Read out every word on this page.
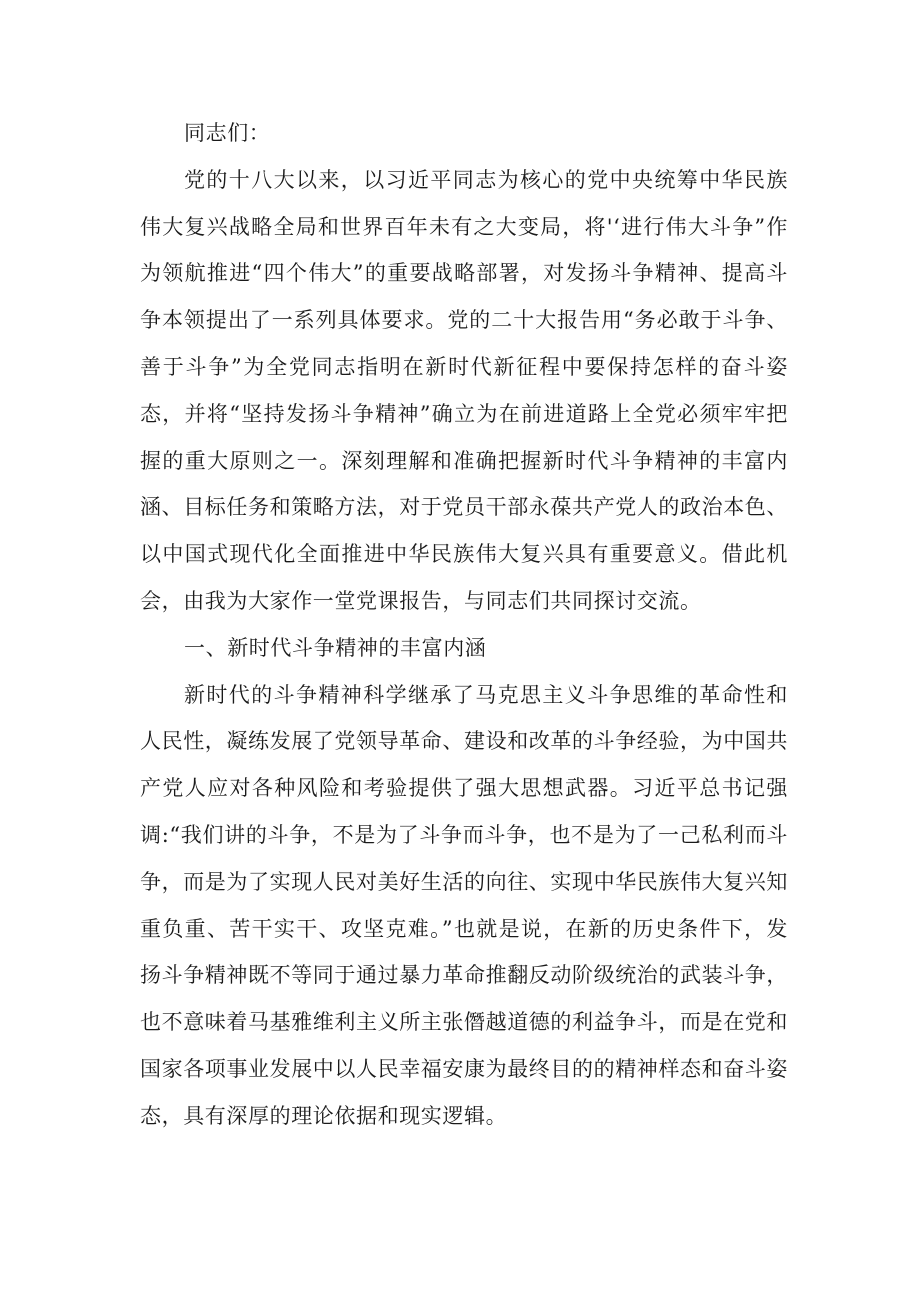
同志们：

党的十八大以来，以习近平同志为核心的党中央统筹中华民族伟大复兴战略全局和世界百年未有之大变局，将'‘进行伟大斗争”作为领航推进“四个伟大”的重要战略部署，对发扬斗争精神、提高斗争本领提出了一系列具体要求。党的二十大报告用“务必敢于斗争、善于斗争”为全党同志指明在新时代新征程中要保持怎样的奋斗姿态，并将“坚持发扬斗争精神”确立为在前进道路上全党必须牢牢把握的重大原则之一。深刻理解和准确把握新时代斗争精神的丰富内涵、目标任务和策略方法，对于党员干部永葆共产党人的政治本色、以中国式现代化全面推进中华民族伟大复兴具有重要意义。借此机会，由我为大家作一堂党课报告，与同志们共同探讨交流。

一、新时代斗争精神的丰富内涵

新时代的斗争精神科学继承了马克思主义斗争思维的革命性和人民性，凝练发展了党领导革命、建设和改革的斗争经验，为中国共产党人应对各种风险和考验提供了强大思想武器。习近平总书记强调:“我们讲的斗争，不是为了斗争而斗争，也不是为了一己私利而斗争，而是为了实现人民对美好生活的向往、实现中华民族伟大复兴知重负重、苦干实干、攻坚克难。”也就是说，在新的历史条件下，发扬斗争精神既不等同于通过暴力革命推翻反动阶级统治的武装斗争，也不意味着马基雅维利主义所主张僭越道德的利益争斗，而是在党和国家各项事业发展中以人民幸福安康为最终目的的精神样态和奋斗姿态，具有深厚的理论依据和现实逻辑。
